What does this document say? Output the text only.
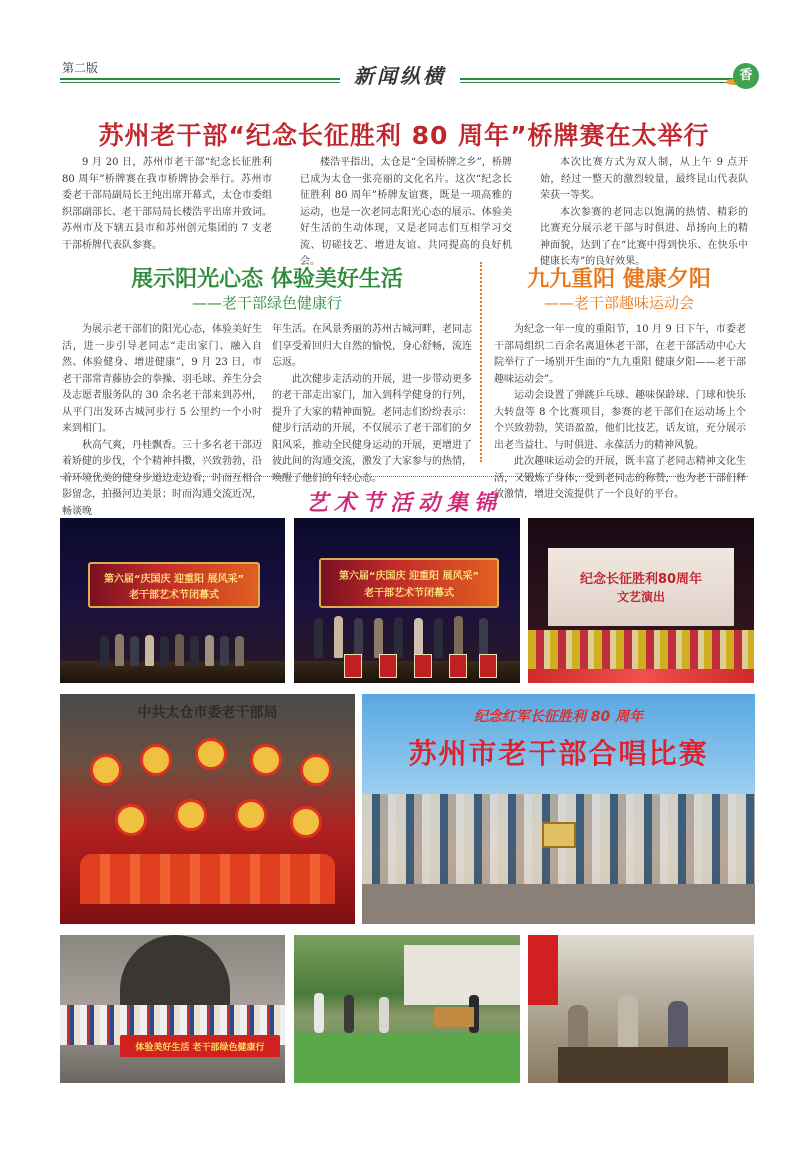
第二版	新闻纵横	香
苏州老干部“纪念长征胜利 80 周年”桥牌赛在太举行

9 月 20 日，苏州市老干部“纪念长征胜利 80 周年”桥牌赛在我市桥牌协会举行。苏州市委老干部局副局长王纯出席开幕式，太仓市委组织部副部长、老干部局局长楼浩平出席并致词。苏州市及下辖五县市和苏州创元集团的 7 支老干部桥牌代表队参赛。

楼浩平指出，太仓是“全国桥牌之乡”，桥牌已成为太仓一张亮丽的文化名片。这次“纪念长征胜利 80 周年”桥牌友谊赛，既是一项高雅的运动，也是一次老同志阳光心态的展示、体验美好生活的生动体现，又是老同志们互相学习交流、切磋技艺、增进友谊、共同提高的良好机会。

本次比赛方式为双人制，从上午 9 点开始，经过一整天的激烈较量，最终昆山代表队荣获一等奖。

本次参赛的老同志以饱满的热情、精彩的比赛充分展示老干部与时俱进、昂扬向上的精神面貌，达到了在“比赛中得到快乐、在快乐中健康长寿”的良好效果。

展示阳光心态 体验美好生活
——老干部绿色健康行

为展示老干部们的阳光心态，体验美好生活，进一步引导老同志“走出家门、融入自然、体验健身、增进健康”，9 月 23 日，市老干部常青藤协会的拳操、羽毛球、养生分会及志愿者服务队的 30 余名老干部来到苏州，从平门出发环古城河步行 5 公里约一个小时来到相门。

秋高气爽，丹桂飘香。三十多名老干部迈着矫健的步伐，个个精神抖擞，兴致勃勃，沿着环境优美的健身步道边走边看，时而互相合影留念，拍摄河边美景；时而沟通交流近况，畅谈晚

年生活。在风景秀丽的苏州古城河畔，老同志们享受着回归大自然的愉悦，身心舒畅，流连忘返。

此次健步走活动的开展，进一步带动更多的老干部走出家门，加入到科学健身的行列，提升了大家的精神面貌。老同志们纷纷表示：健步行活动的开展，不仅展示了老干部们的夕阳风采，推动全民健身运动的开展，更增进了彼此间的沟通交流，激发了大家参与的热情，唤醒了他们的年轻心态。

九九重阳 健康夕阳
——老干部趣味运动会

为纪念一年一度的重阳节，10 月 9 日下午，市委老干部局组织二百余名离退休老干部，在老干部活动中心大院举行了一场别开生面的“九九重阳 健康夕阳——老干部趣味运动会”。

运动会设置了弹跳乒乓球、趣味保龄球、门球和快乐大转盘等 8 个比赛项目，参赛的老干部们在运动场上个个兴致勃勃，笑语盈盈，他们比技艺，话友谊，充分展示出老当益壮、与时俱进、永葆活力的精神风貌。

此次趣味运动会的开展，既丰富了老同志精神文化生活，又锻炼了身体，受到老同志的称赞，也为老干部们释放激情，增进交流提供了一个良好的平台。

艺术节活动集锦
第六届“庆国庆 迎重阳 展风采”
老干部艺术节闭幕式
第六届“庆国庆 迎重阳 展风采”
老干部艺术节闭幕式
纪念长征胜利80周年
文艺演出
中共太仓市委老干部局	纪念红军长征胜利 80 周年
苏州市老干部合唱比赛
体验美好生活 老干部绿色健康行
